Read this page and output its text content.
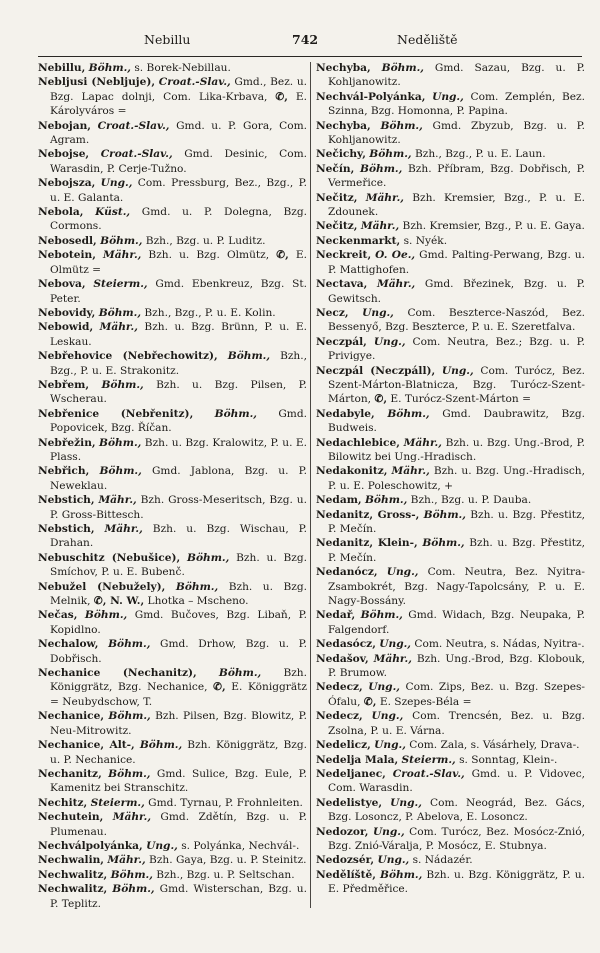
Nebillu	742	Neděliště
Nebillu, Böhm., s. Borek-Nebillau.
Nebljusi (Nebljuje), Croat.-Slav., Gmd., Bez. u. Bzg. Lapac dolnji, Com. Lika-Krbava, ✆, E. Károlyváros =
Nebojan, Croat.-Slav., Gmd. u. P. Gora, Com. Agram.
Nebojse, Croat.-Slav., Gmd. Desinic, Com. Warasdin, P. Cerje-Tužno.
Nebojsza, Ung., Com. Pressburg, Bez., Bzg., P. u. E. Galanta.
Nebola, Küst., Gmd. u. P. Dolegna, Bzg. Cormons.
Nebosedl, Böhm., Bzh., Bzg. u. P. Luditz.
Nebotein, Mähr., Bzh. u. Bzg. Olmütz, ✆, E. Olmütz =
Nebova, Steierm., Gmd. Ebenkreuz, Bzg. St. Peter.
Nebovidy, Böhm., Bzh., Bzg., P. u. E. Kolin.
Nebowid, Mähr., Bzh. u. Bzg. Brünn, P. u. E. Leskau.
Nebřehovice (Nebřechowitz), Böhm., Bzh., Bzg., P. u. E. Strakonitz.
Nebřem, Böhm., Bzh. u. Bzg. Pilsen, P. Wscherau.
Nebřenice (Nebřenitz), Böhm., Gmd. Popovicek, Bzg. Říčan.
Nebřežin, Böhm., Bzh. u. Bzg. Kralowitz, P. u. E. Plass.
Nebřich, Böhm., Gmd. Jablona, Bzg. u. P. Neweklau.
Nebstich, Mähr., Bzh. Gross-Meseritsch, Bzg. u. P. Gross-Bittesch.
Nebstich, Mähr., Bzh. u. Bzg. Wischau, P. Drahan.
Nebuschitz (Nebušice), Böhm., Bzh. u. Bzg. Smíchov, P. u. E. Bubenč.
Nebužel (Nebužely), Böhm., Bzh. u. Bzg. Melnik, ✆, N. W., Lhotka – Mscheno.
Nečas, Böhm., Gmd. Bučoves, Bzg. Libaň, P. Kopidlno.
Nechalow, Böhm., Gmd. Drhow, Bzg. u. P. Dobřisch.
Nechanice (Nechanitz), Böhm., Bzh. Königgrätz, Bzg. Nechanice, ✆, E. Königgrätz = Neubydschow, T.
Nechanice, Böhm., Bzh. Pilsen, Bzg. Blowitz, P. Neu-Mitrowitz.
Nechanice, Alt-, Böhm., Bzh. Königgrätz, Bzg. u. P. Nechanice.
Nechanitz, Böhm., Gmd. Sulice, Bzg. Eule, P. Kamenitz bei Stranschitz.
Nechitz, Steierm., Gmd. Tyrnau, P. Frohnleiten.
Nechutein, Mähr., Gmd. Zdětín, Bzg. u. P. Plumenau.
Nechválpolyánka, Ung., s. Polyánka, Nechvál-.
Nechwalin, Mähr., Bzh. Gaya, Bzg. u. P. Steinitz.
Nechwalitz, Böhm., Bzh., Bzg. u. P. Seltschan.
Nechwalitz, Böhm., Gmd. Wisterschan, Bzg. u. P. Teplitz.
Nechyba, Böhm., Gmd. Sazau, Bzg. u. P. Kohljanowitz.
Nechvál-Polyánka, Ung., Com. Zemplén, Bez. Szinna, Bzg. Homonna, P. Papina.
Nechyba, Böhm., Gmd. Zbyzub, Bzg. u. P. Kohljanowitz.
Nečichy, Böhm., Bzh., Bzg., P. u. E. Laun.
Nečín, Böhm., Bzh. Příbram, Bzg. Dobřisch, P. Vermeřice.
Nečitz, Mähr., Bzh. Kremsier, Bzg., P. u. E. Zdounek.
Nečitz, Mähr., Bzh. Kremsier, Bzg., P. u. E. Gaya.
Neckenmarkt, s. Nyék.
Neckreit, O. Oe., Gmd. Palting-Perwang, Bzg. u. P. Mattighofen.
Nectava, Mähr., Gmd. Březinek, Bzg. u. P. Gewitsch.
Necz, Ung., Com. Beszterce-Naszód, Bez. Bessenyő, Bzg. Beszterce, P. u. E. Szeretfalva.
Neczpál, Ung., Com. Neutra, Bez.; Bzg. u. P. Privigye.
Neczpál (Neczpáll), Ung., Com. Turócz, Bez. Szent-Márton-Blatnicza, Bzg. Turócz-Szent-Márton, ✆, E. Turócz-Szent-Márton =
Nedabyle, Böhm., Gmd. Daubrawitz, Bzg. Budweis.
Nedachlebice, Mähr., Bzh. u. Bzg. Ung.-Brod, P. Bilowitz bei Ung.-Hradisch.
Nedakonitz, Mähr., Bzh. u. Bzg. Ung.-Hradisch, P. u. E. Poleschowitz, +
Nedam, Böhm., Bzh., Bzg. u. P. Dauba.
Nedanitz, Gross-, Böhm., Bzh. u. Bzg. Přestitz, P. Mečín.
Nedanitz, Klein-, Böhm., Bzh. u. Bzg. Přestitz, P. Mečín.
Nedanócz, Ung., Com. Neutra, Bez. Nyitra-Zsambokrét, Bzg. Nagy-Tapolcsány, P. u. E. Nagy-Bossány.
Nedař, Böhm., Gmd. Widach, Bzg. Neupaka, P. Falgendorf.
Nedasócz, Ung., Com. Neutra, s. Nádas, Nyitra-.
Nedašov, Mähr., Bzh. Ung.-Brod, Bzg. Klobouk, P. Brumow.
Nedecz, Ung., Com. Zips, Bez. u. Bzg. Szepes-Ófalu, ✆, E. Szepes-Béla =
Nedecz, Ung., Com. Trencsén, Bez. u. Bzg. Zsolna, P. u. E. Várna.
Nedelicz, Ung., Com. Zala, s. Vásárhely, Drava-.
Nedelja Mala, Steierm., s. Sonntag, Klein-.
Nedeljanec, Croat.-Slav., Gmd. u. P. Vidovec, Com. Warasdin.
Nedelistye, Ung., Com. Neográd, Bez. Gács, Bzg. Losoncz, P. Abelova, E. Losoncz.
Nedozor, Ung., Com. Turócz, Bez. Mosócz-Znió, Bzg. Znió-Váralja, P. Mosócz, E. Stubnya.
Nedozsér, Ung., s. Nádazér.
Nedělíště, Böhm., Bzh. u. Bzg. Königgrätz, P. u. E. Předměřice.
